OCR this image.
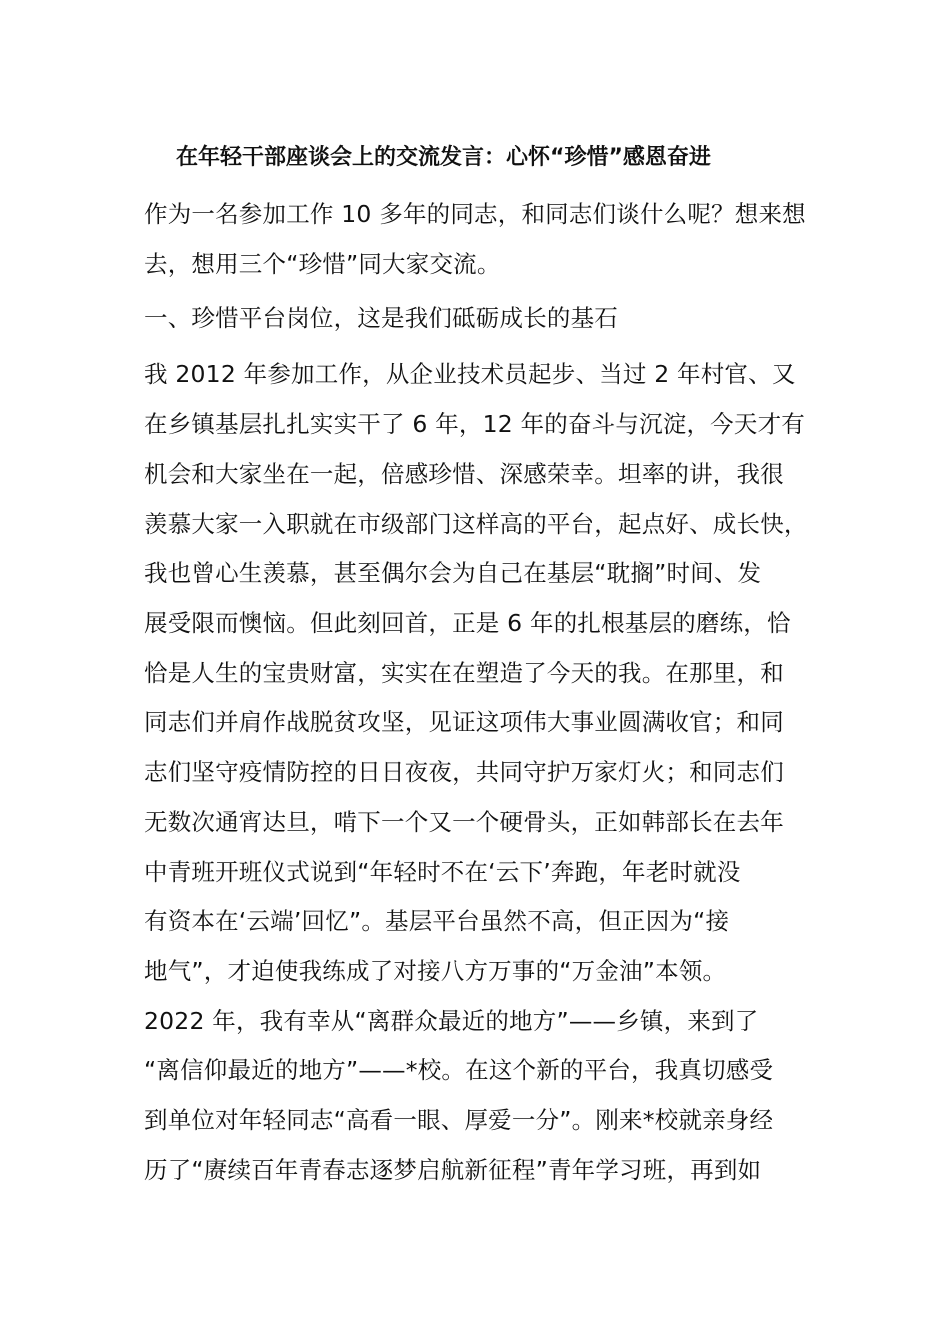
在年轻干部座谈会上的交流发言：心怀“珍惜”感恩奋进
作为一名参加工作 10 多年的同志，和同志们谈什么呢？想来想
去，想用三个“珍惜”同大家交流。
一、珍惜平台岗位，这是我们砥砺成长的基石
我 2012 年参加工作，从企业技术员起步、当过 2 年村官、又
在乡镇基层扎扎实实干了 6 年，12 年的奋斗与沉淀，今天才有
机会和大家坐在一起，倍感珍惜、深感荣幸。坦率的讲，我很
羡慕大家一入职就在市级部门这样高的平台，起点好、成长快，
我也曾心生羡慕，甚至偶尔会为自己在基层“耽搁”时间、发
展受限而懊恼。但此刻回首，正是 6 年的扎根基层的磨练，恰
恰是人生的宝贵财富，实实在在塑造了今天的我。在那里，和
同志们并肩作战脱贫攻坚，见证这项伟大事业圆满收官；和同
志们坚守疫情防控的日日夜夜，共同守护万家灯火；和同志们
无数次通宵达旦，啃下一个又一个硬骨头，正如韩部长在去年
中青班开班仪式说到“年轻时不在‘云下’奔跑，年老时就没
有资本在‘云端’回忆”。基层平台虽然不高，但正因为“接
地气”，才迫使我练成了对接八方万事的“万金油”本领。
2022 年，我有幸从“离群众最近的地方”——乡镇，来到了
“离信仰最近的地方”——*校。在这个新的平台，我真切感受
到单位对年轻同志“高看一眼、厚爱一分”。刚来*校就亲身经
历了“赓续百年青春志逐梦启航新征程”青年学习班，再到如
